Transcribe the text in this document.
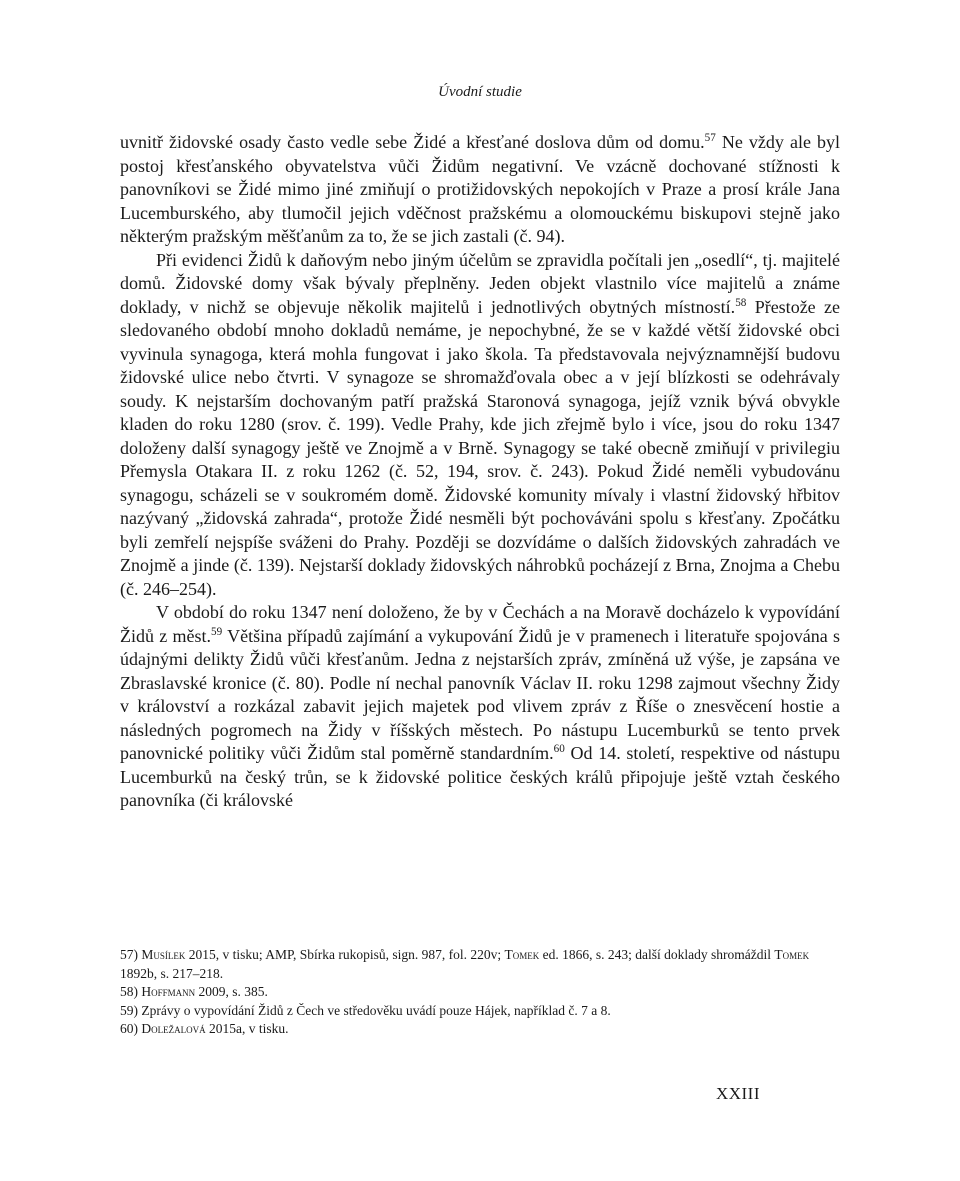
Úvodní studie

uvnitř židovské osady často vedle sebe Židé a křesťané doslova dům od domu.$^{57}$ Ne vždy ale byl postoj křesťanského obyvatelstva vůči Židům negativní. Ve vzácně dochované stížnosti k panovníkovi se Židé mimo jiné zmiňují o protižidovských nepokojích v Praze a prosí krále Jana Lucemburského, aby tlumočil jejich vděčnost pražskému a olomouckému biskupovi stejně jako některým pražským měšťanům za to, že se jich zastali (č. 94).

Při evidenci Židů k daňovým nebo jiným účelům se zpravidla počítali jen „osedlí“, tj. majitelé domů. Židovské domy však bývaly přeplněny. Jeden objekt vlastnilo více majitelů a známe doklady, v nichž se objevuje několik majitelů i jednotlivých obytných místností.$^{58}$ Přestože ze sledovaného období mnoho dokladů nemáme, je nepochybné, že se v každé větší židovské obci vyvinula synagoga, která mohla fungovat i jako škola. Ta představovala nejvýznamnější budovu židovské ulice nebo čtvrti. V synagoze se shromažďovala obec a v její blízkosti se odehrávaly soudy. K nejstarším dochovaným patří pražská Staronová synagoga, jejíž vznik bývá obvykle kladen do roku 1280 (srov. č. 199). Vedle Prahy, kde jich zřejmě bylo i více, jsou do roku 1347 doloženy další synagogy ještě ve Znojmě a v Brně. Synagogy se také obecně zmiňují v privilegiu Přemysla Otakara II. z roku 1262 (č. 52, 194, srov. č. 243). Pokud Židé neměli vybudovánu synagogu, scházeli se v soukromém domě. Židovské komunity mívaly i vlastní židovský hřbitov nazývaný „židovská zahrada“, protože Židé nesměli být pochováváni spolu s křesťany. Zpočátku byli zemřelí nejspíše sváženi do Prahy. Později se dozvídáme o dalších židovských zahradách ve Znojmě a jinde (č. 139). Nejstarší doklady židovských náhrobků pocházejí z Brna, Znojma a Chebu (č. 246–254).

V období do roku 1347 není doloženo, že by v Čechách a na Moravě docházelo k vypovídání Židů z měst.$^{59}$ Většina případů zajímání a vykupování Židů je v pramenech i literatuře spojována s údajnými delikty Židů vůči křesťanům. Jedna z nejstarších zpráv, zmíněná už výše, je zapsána ve Zbraslavské kronice (č. 80). Podle ní nechal panovník Václav II. roku 1298 zajmout všechny Židy v království a rozkázal zabavit jejich majetek pod vlivem zpráv z Říše o znesvěcení hostie a následných pogromech na Židy v říšských městech. Po nástupu Lucemburků se tento prvek panovnické politiky vůči Židům stal poměrně standardním.$^{60}$ Od 14. století, respektive od nástupu Lucemburků na český trůn, se k židovské politice českých králů připojuje ještě vztah českého panovníka (či královské

57) Musílek 2015, v tisku; AMP, Sbírka rukopisů, sign. 987, fol. 220v; Tomek ed. 1866, s. 243; další doklady shromáždil Tomek 1892b, s. 217–218.

58) Hoffmann 2009, s. 385.

59) Zprávy o vypovídání Židů z Čech ve středověku uvádí pouze Hájek, například č. 7 a 8.

60) Doležalová 2015a, v tisku.

XXIII
